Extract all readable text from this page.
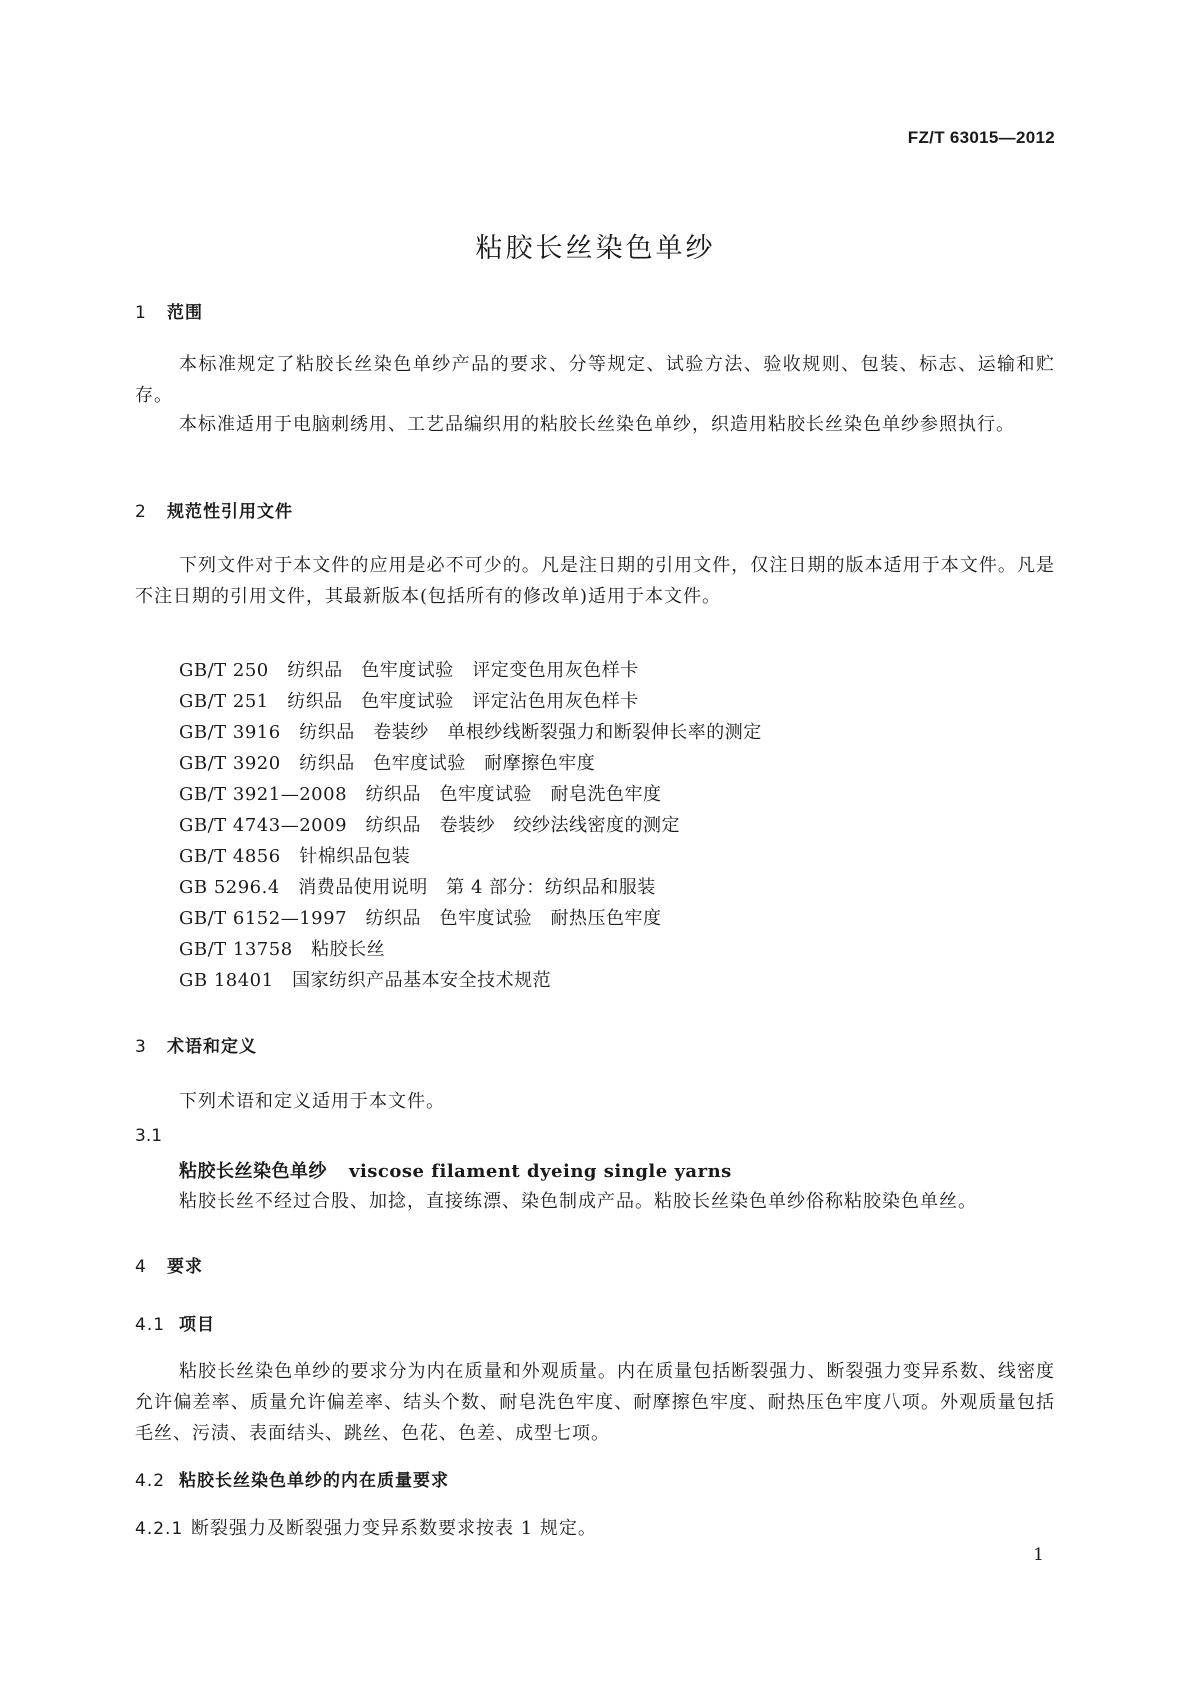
FZ/T 63015—2012
粘胶长丝染色单纱
1 范围
本标准规定了粘胶长丝染色单纱产品的要求、分等规定、试验方法、验收规则、包装、标志、运输和贮存。
本标准适用于电脑刺绣用、工艺品编织用的粘胶长丝染色单纱，织造用粘胶长丝染色单纱参照执行。
2 规范性引用文件
下列文件对于本文件的应用是必不可少的。凡是注日期的引用文件，仅注日期的版本适用于本文件。凡是不注日期的引用文件，其最新版本(包括所有的修改单)适用于本文件。
GB/T 250　纺织品　色牢度试验　评定变色用灰色样卡
GB/T 251　纺织品　色牢度试验　评定沾色用灰色样卡
GB/T 3916　纺织品　卷装纱　单根纱线断裂强力和断裂伸长率的测定
GB/T 3920　纺织品　色牢度试验　耐摩擦色牢度
GB/T 3921—2008　纺织品　色牢度试验　耐皂洗色牢度
GB/T 4743—2009　纺织品　卷装纱　绞纱法线密度的测定
GB/T 4856　针棉织品包装
GB 5296.4　消费品使用说明　第 4 部分：纺织品和服装
GB/T 6152—1997　纺织品　色牢度试验　耐热压色牢度
GB/T 13758　粘胶长丝
GB 18401　国家纺织产品基本安全技术规范
3 术语和定义
下列术语和定义适用于本文件。
3.1
粘胶长丝染色单纱 viscose filament dyeing single yarns
粘胶长丝不经过合股、加捻，直接练漂、染色制成产品。粘胶长丝染色单纱俗称粘胶染色单丝。
4 要求
4.1 项目
粘胶长丝染色单纱的要求分为内在质量和外观质量。内在质量包括断裂强力、断裂强力变异系数、线密度允许偏差率、质量允许偏差率、结头个数、耐皂洗色牢度、耐摩擦色牢度、耐热压色牢度八项。外观质量包括毛丝、污渍、表面结头、跳丝、色花、色差、成型七项。
4.2 粘胶长丝染色单纱的内在质量要求
4.2.1 断裂强力及断裂强力变异系数要求按表 1 规定。
1
